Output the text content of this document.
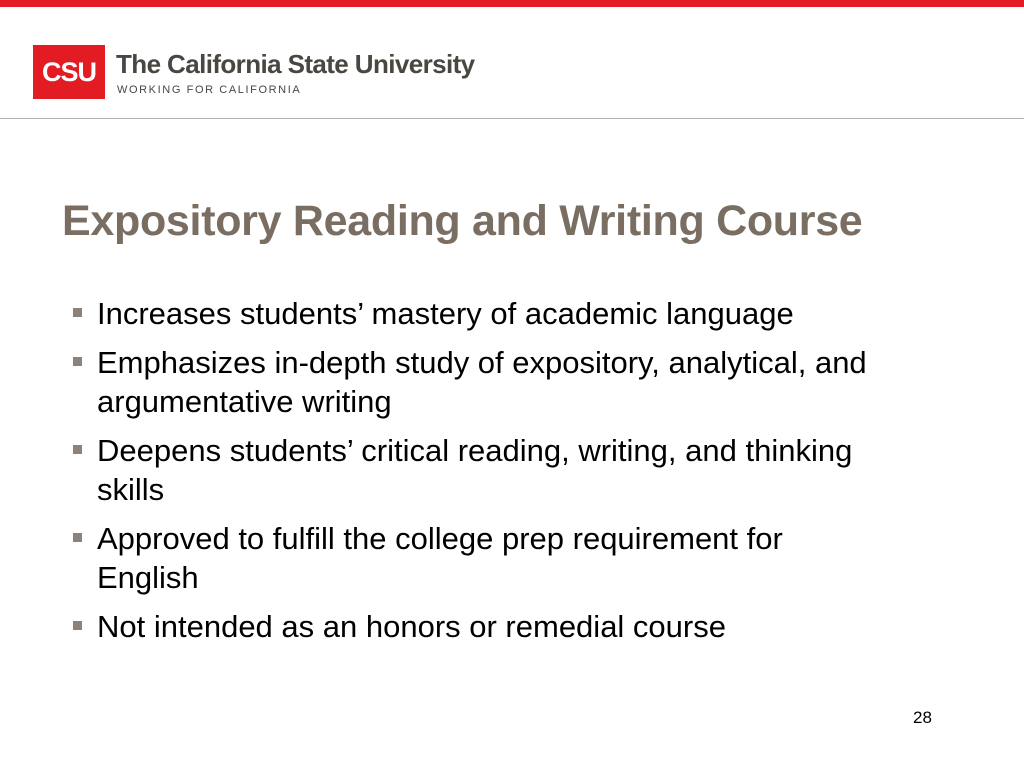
CSU The California State University
WORKING FOR CALIFORNIA
Expository Reading and Writing Course
Increases students’ mastery of academic language
Emphasizes in-depth study of expository, analytical, and argumentative writing
Deepens students’ critical reading, writing, and thinking skills
Approved to fulfill the college prep requirement for English
Not intended as an honors or remedial course
28
